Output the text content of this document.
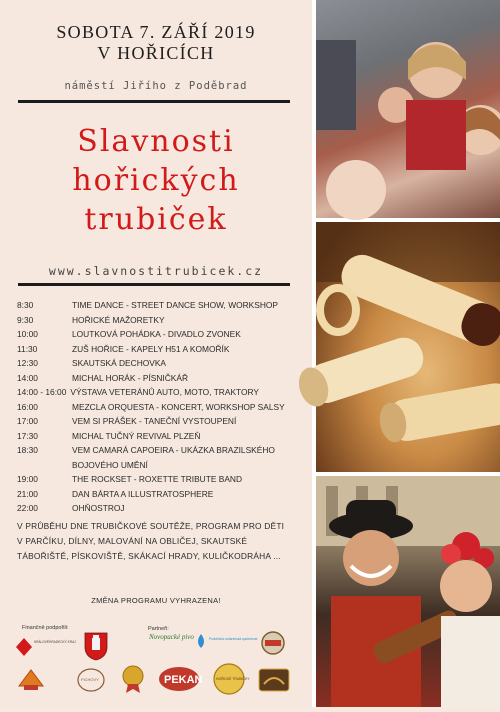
SOBOTA 7. ZÁŘÍ 2019
V HOŘICÍCH
náměstí Jiřího z Poděbrad
Slavnosti
hořických
trubiček
www.slavnostitrubicek.cz
8:30	TIME DANCE - STREET DANCE SHOW, WORKSHOP
9:30	HOŘICKÉ MAŽORETKY
10:00	LOUTKOVÁ POHÁDKA - DIVADLO ZVONEK
11:30	ZUŠ HOŘICE - KAPELY H51 A KOMOŘÍK
12:30	SKAUTSKÁ DECHOVKA
14:00	MICHAL HORÁK - PÍSNIČKÁŘ
14:00 - 16:00 VÝSTAVA VETERÁNŮ AUTO, MOTO, TRAKTORY
16:00	MEZCLA ORQUESTA - KONCERT, WORKSHOP SALSY
17:00	VEM SI PRÁŠEK - TANEČNÍ VYSTOUPENÍ
17:30	MICHAL TUČNÝ REVIVAL PLZEŇ
18:30	VEM CAMARÁ CAPOEIRA - UKÁZKA BRAZILSKÉHO
BOJOVÉHO UMĚNÍ
19:00	THE ROCKSET - ROXETTE TRIBUTE BAND
21:00	DAN BÁRTA A ILLUSTRATOSPHERE
22:00	OHŇOSTROJ
V PRŮBĚHU DNE TRUBIČKOVÉ SOUTĚŽE, PROGRAM PRO DĚTI
V PARČÍKU, DÍLNY, MALOVÁNÍ NA OBLIČEJ, SKAUTSKÉ
TÁBOŘIŠTĚ, PÍSKOVIŠTĚ, SKÁKACÍ HRADY, KULIČKODRÁHA ...
ZMĚNA PROGRAMU VYHRAZENA!
Finančně podpořili:	Partneři:
KRÁLOVÉHRADECKÝ KRAJ
Novopacké pivo	Podorlická vodárenská společnost
FICHOVY	PEKAN	HOŘICKÉ TRUBIČKY
